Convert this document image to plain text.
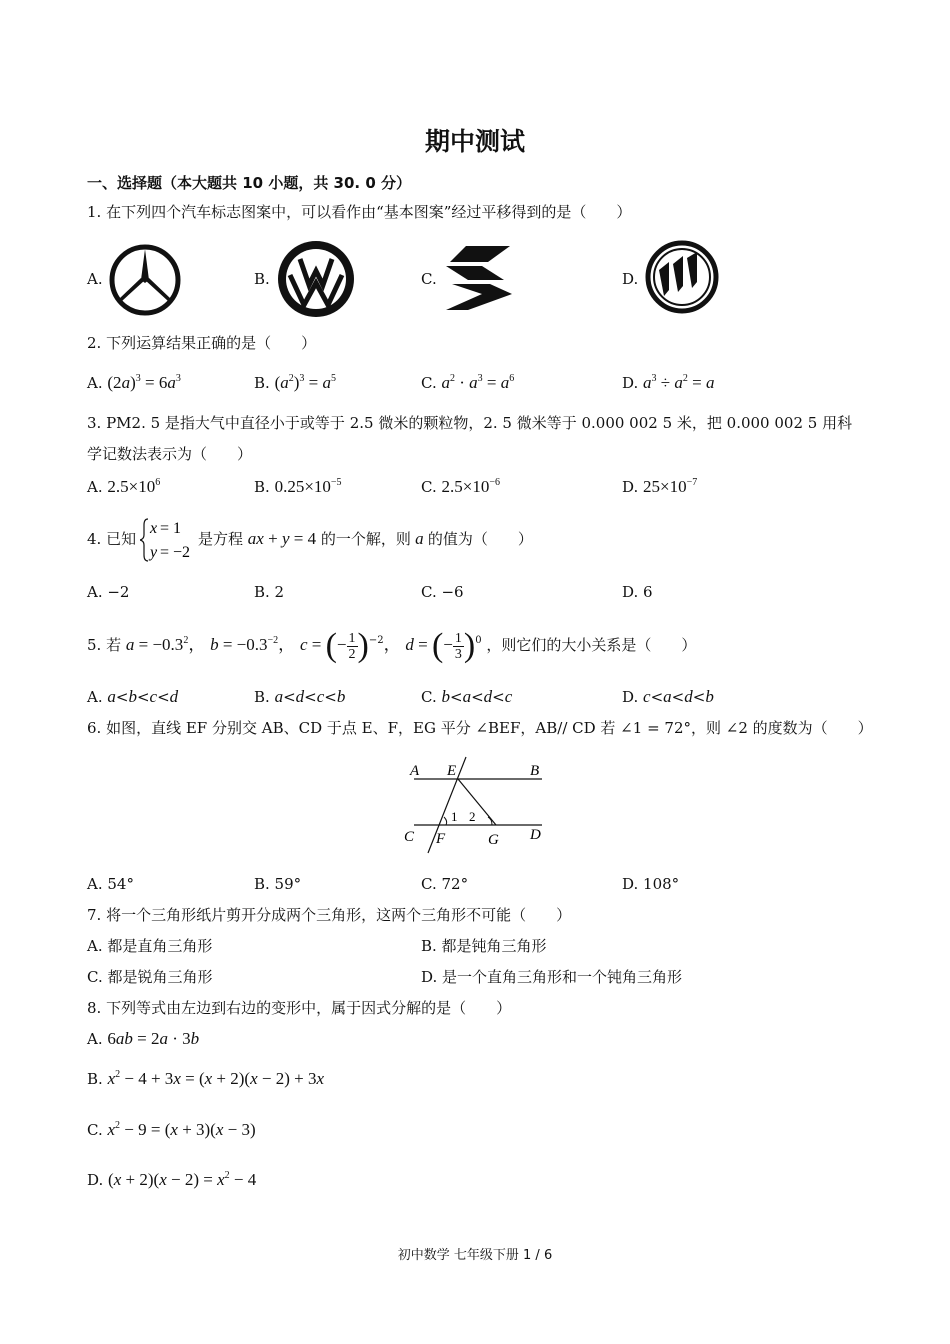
期中测试
一、选择题（本大题共 10 小题，共 30. 0 分）
1. 在下列四个汽车标志图案中，可以看作由“基本图案”经过平移得到的是（　　）
A.	B.	C.	D.
2. 下列运算结果正确的是（　　）
A. $(2a)^3 = 6a^3$	B. $(a^2)^3 = a^5$	C. $a^2 \cdot a^3 = a^6$	D. $a^3 \div a^2 = a$
3. PM2. 5 是指大气中直径小于或等于 2.5 微米的颗粒物，2. 5 微米等于 0.000 002 5 米，把 0.000 002 5 用科
学记数法表示为（　　）
A. $2.5\times 10^6$	B. $0.25\times 10^{-5}$	C. $2.5\times 10^{-6}$	D. $25\times 10^{-7}$
4. 已知
x = 1
y = −2
是方程 ax + y = 4 的一个解，则 a 的值为（　　）
A. −2	B. 2	C. −6	D. 6
5. 若 $a = -0.3^2$， $b = -0.3^{-2}$， c = (− $\frac{1}{2} )^{-2}$， d = (− $\frac{1}{3} )^0$ ，则它们的大小关系是（　　）
A. a<b<c<d	B. a<d<c<b	C. b<a<d<c	D. c<a<d<b
6. 如图，直线 EF 分别交 AB、CD 于点 E、F，EG 平分 ∠BEF，AB// CD 若 ∠1 = 72°，则 ∠2 的度数为（　　）
A E	B
C F	G D
1 2
A. 54°	B. 59°	C. 72°	D. 108°
7. 将一个三角形纸片剪开分成两个三角形，这两个三角形不可能（　　）
A. 都是直角三角形	B. 都是钝角三角形
C. 都是锐角三角形	D. 是一个直角三角形和一个钝角三角形
8. 下列等式由左边到右边的变形中，属于因式分解的是（　　）
A. 6ab = 2a · 3b
B. $x^2 - 4 + 3x = (x + 2)(x - 2) + 3x$
C. $x^2 - 9 = (x + 3)(x - 3)$
D. $(x + 2)(x - 2) = x^2 - 4$
初中数学 七年级下册 1 / 6
